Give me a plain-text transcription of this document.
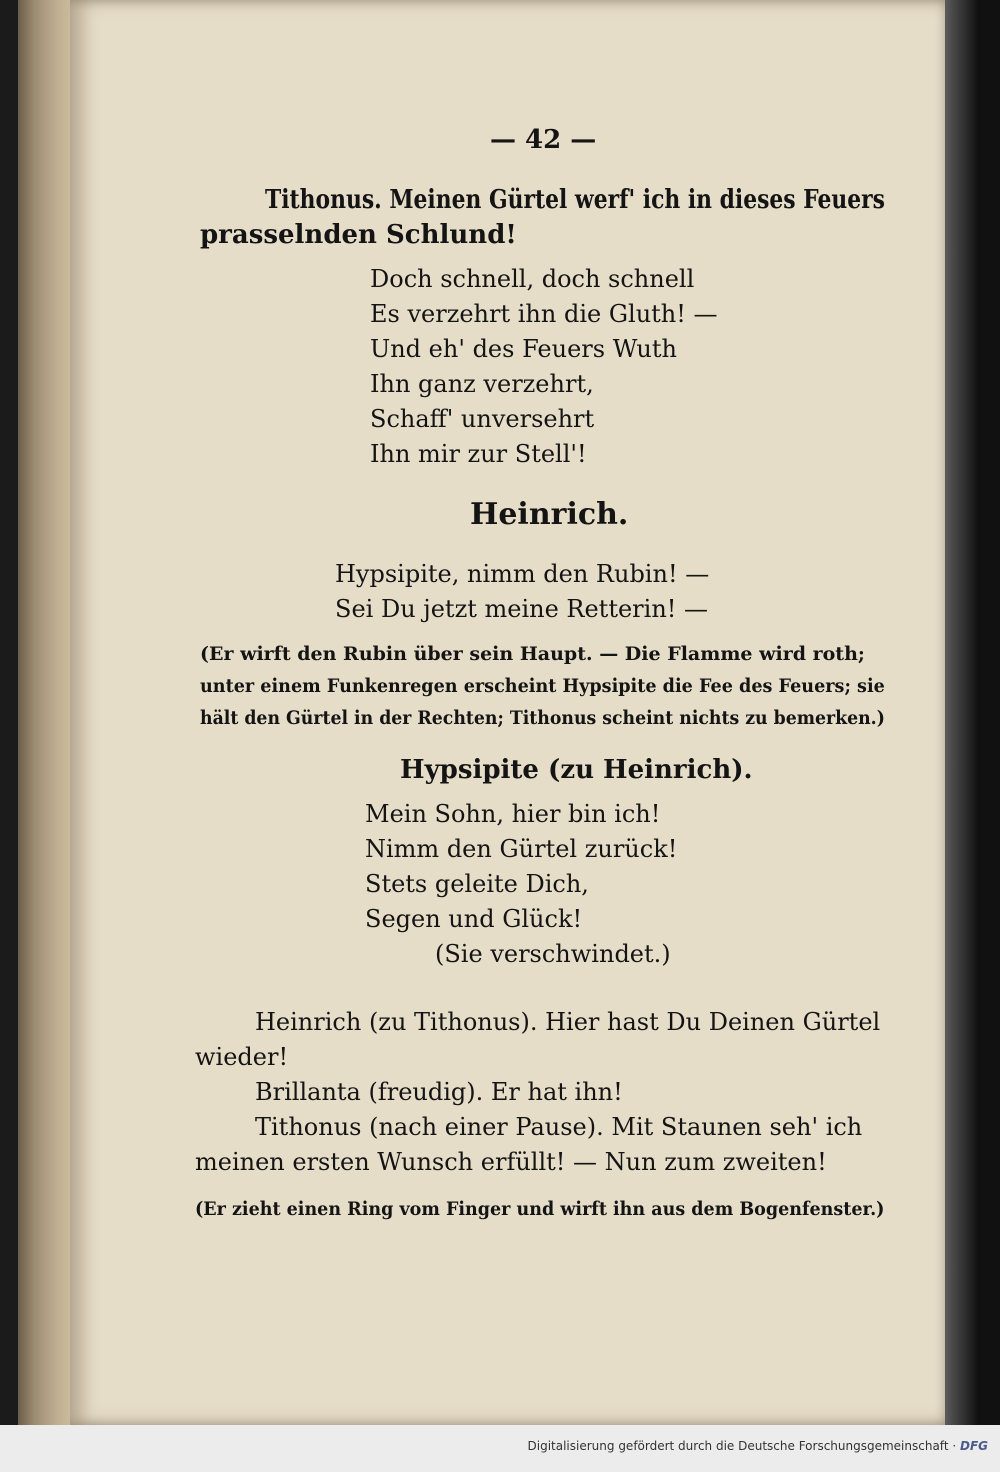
— 42 —
Tithonus. Meinen Gürtel werf' ich in dieses Feuers
prasselnden Schlund!
Doch schnell, doch schnell
Es verzehrt ihn die Gluth! —
Und eh' des Feuers Wuth
Ihn ganz verzehrt,
Schaff' unversehrt
Ihn mir zur Stell'!
Heinrich.
Hypsipite, nimm den Rubin! —
Sei Du jetzt meine Retterin! —
(Er wirft den Rubin über sein Haupt. — Die Flamme wird roth;
unter einem Funkenregen erscheint Hypsipite die Fee des Feuers; sie
hält den Gürtel in der Rechten; Tithonus scheint nichts zu bemerken.)
Hypsipite (zu Heinrich).
Mein Sohn, hier bin ich!
Nimm den Gürtel zurück!
Stets geleite Dich,
Segen und Glück!
(Sie verschwindet.)
Heinrich (zu Tithonus). Hier hast Du Deinen Gürtel
wieder!
Brillanta (freudig). Er hat ihn!
Tithonus (nach einer Pause). Mit Staunen seh' ich
meinen ersten Wunsch erfüllt! — Nun zum zweiten!
(Er zieht einen Ring vom Finger und wirft ihn aus dem Bogenfenster.)
Digitalisierung gefördert durch die Deutsche Forschungsgemeinschaft · DFG
